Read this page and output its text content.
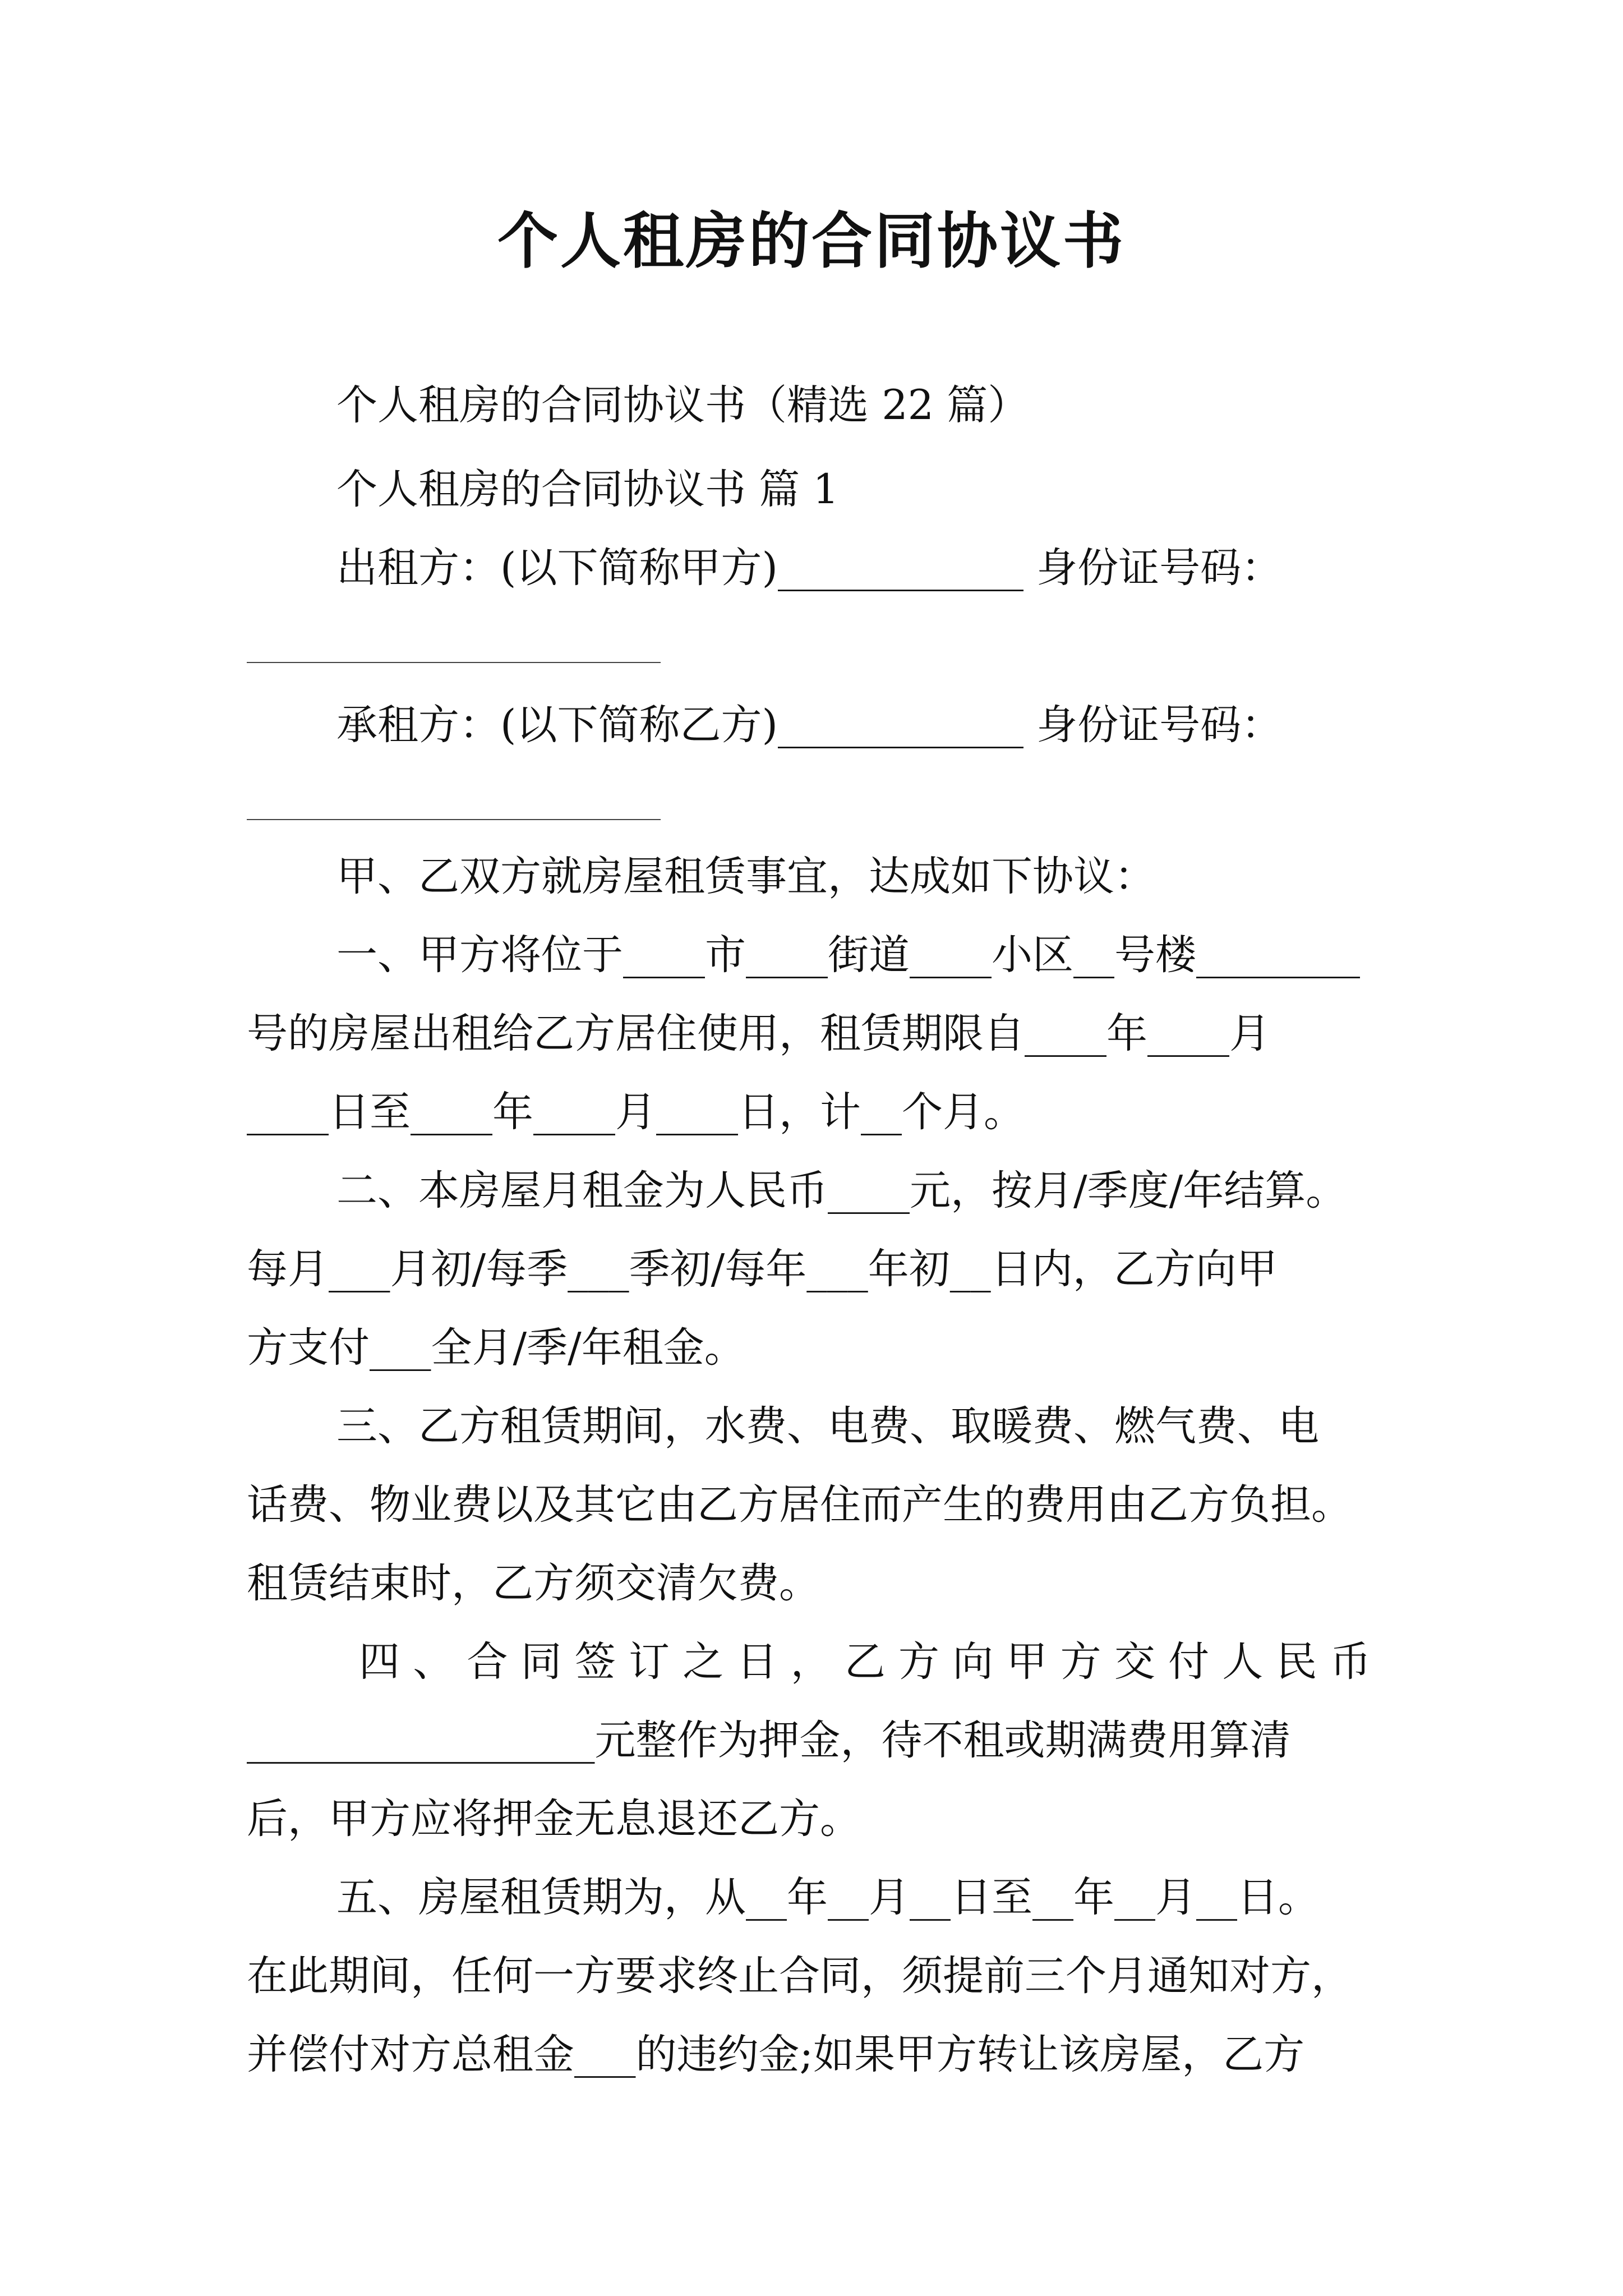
个人租房的合同协议书
个人租房的合同协议书（精选 22 篇）
个人租房的合同协议书 篇 1
出租方：(以下简称甲方)____________ 身份证号码：
承租方：(以下简称乙方)____________ 身份证号码：
甲、乙双方就房屋租赁事宜，达成如下协议：
一、甲方将位于____市____街道____小区__号楼________
号的房屋出租给乙方居住使用，租赁期限自____年____月
____日至____年____月____日，计__个月。
二、本房屋月租金为人民币____元，按月/季度/年结算。
每月___月初/每季___季初/每年___年初__日内，乙方向甲
方支付___全月/季/年租金。
三、乙方租赁期间，水费、电费、取暖费、燃气费、电
话费、物业费以及其它由乙方居住而产生的费用由乙方负担。
租赁结束时，乙方须交清欠费。
四 、 合 同 签 订 之 日 ， 乙 方 向 甲 方 交 付 人 民 币
_________________元整作为押金，待不租或期满费用算清
后，甲方应将押金无息退还乙方。
五、房屋租赁期为，从__年__月__日至__年__月__日。
在此期间，任何一方要求终止合同，须提前三个月通知对方，
并偿付对方总租金___的违约金;如果甲方转让该房屋，乙方
